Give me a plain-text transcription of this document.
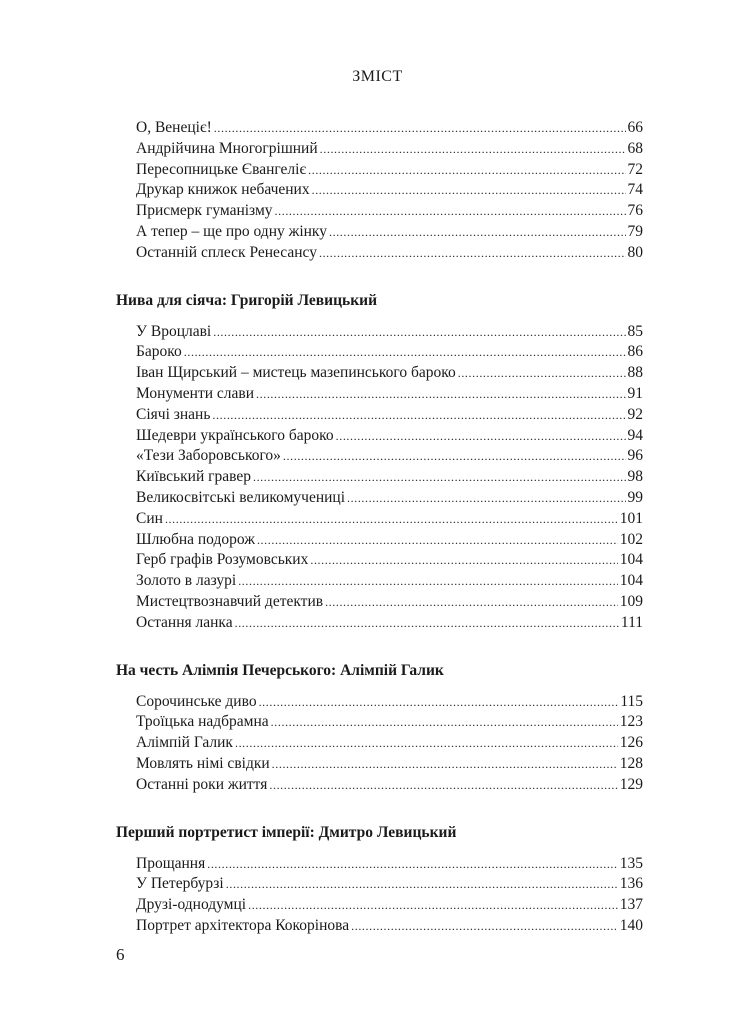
ЗМІСТ
О, Венеціє! .....	66
Андрійчина Многогрішний .....	68
Пересопницьке Євангеліє .....	72
Друкар книжок небачених .....	74
Присмерк гуманізму .....	76
А тепер – ще про одну жінку .....	79
Останній сплеск Ренесансу .....	80
Нива для сіяча: Григорій Левицький
У Вроцлаві .....	85
Бароко .....	86
Іван Щирський – мистець мазепинського бароко .....	88
Монументи слави .....	91
Сіячі знань .....	92
Шедеври українського бароко .....	94
«Тези Заборовського» .....	96
Київський гравер .....	98
Великосвітські великомучениці .....	99
Син .....	101
Шлюбна подорож .....	102
Герб графів Розумовських .....	104
Золото в лазурі .....	104
Мистецтвознавчий детектив .....	109
Остання ланка .....	111
На честь Алімпія Печерського: Алімпій Галик
Сорочинське диво .....	115
Троїцька надбрамна .....	123
Алімпій Галик .....	126
Мовлять німі свідки .....	128
Останні роки життя .....	129
Перший портретист імперії: Дмитро Левицький
Прощання .....	135
У Петербурзі .....	136
Друзі-однодумці .....	137
Портрет архітектора Кокорінова .....	140
6
